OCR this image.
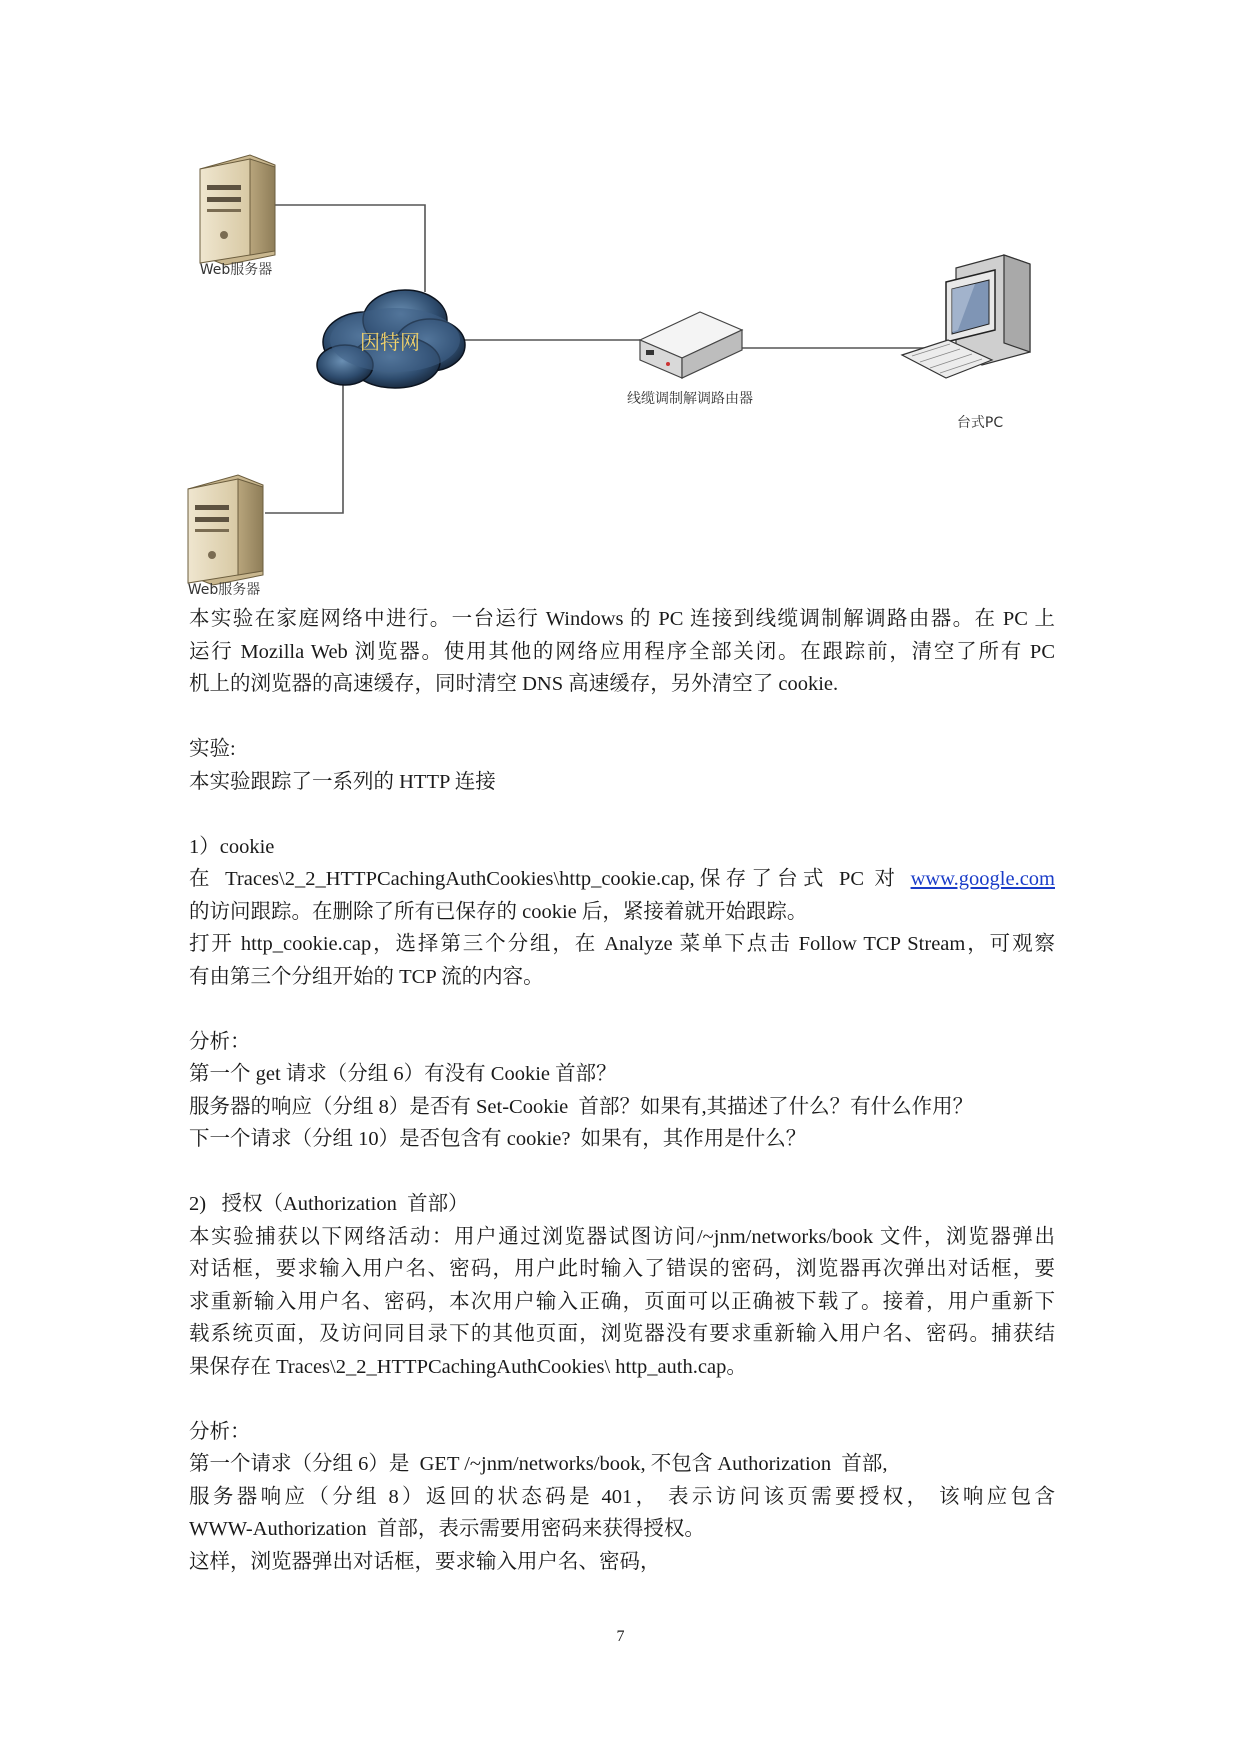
因特网
Web服务器
Web服务器
线缆调制解调路由器
台式PC

本实验在家庭网络中进行。一台运行 Windows 的 PC 连接到线缆调制解调路由器。在 PC 上

运行 Mozilla Web 浏览器。使用其他的网络应用程序全部关闭。在跟踪前，清空了所有 PC

机上的浏览器的高速缓存，同时清空 DNS 高速缓存，另外清空了 cookie.

实验:

本实验跟踪了一系列的 HTTP 连接

1）cookie

在 Traces\2_2_HTTPCachingAuthCookies\http_cookie.cap,保存了台式 PC 对 www.google.com

的访问跟踪。在删除了所有已保存的 cookie 后，紧接着就开始跟踪。

打开 http_cookie.cap，选择第三个分组，在 Analyze 菜单下点击 Follow TCP Stream，可观察

有由第三个分组开始的 TCP 流的内容。

分析：

第一个 get 请求（分组 6）有没有 Cookie 首部？

服务器的响应（分组 8）是否有 Set-Cookie  首部？如果有,其描述了什么？有什么作用？

下一个请求（分组 10）是否包含有 cookie?  如果有，其作用是什么？

2)   授权（Authorization  首部）

本实验捕获以下网络活动：用户通过浏览器试图访问/~jnm/networks/book 文件，浏览器弹出

对话框，要求输入用户名、密码，用户此时输入了错误的密码，浏览器再次弹出对话框，要

求重新输入用户名、密码，本次用户输入正确，页面可以正确被下载了。接着，用户重新下

载系统页面，及访问同目录下的其他页面，浏览器没有要求重新输入用户名、密码。捕获结

果保存在 Traces\2_2_HTTPCachingAuthCookies\ http_auth.cap。

分析：

第一个请求（分组 6）是  GET /~jnm/networks/book, 不包含 Authorization  首部,

服务器响应（分组 8）返回的状态码是 401， 表示访问该页需要授权， 该响应包含

WWW-Authorization  首部，表示需要用密码来获得授权。

这样，浏览器弹出对话框，要求输入用户名、密码，

7
